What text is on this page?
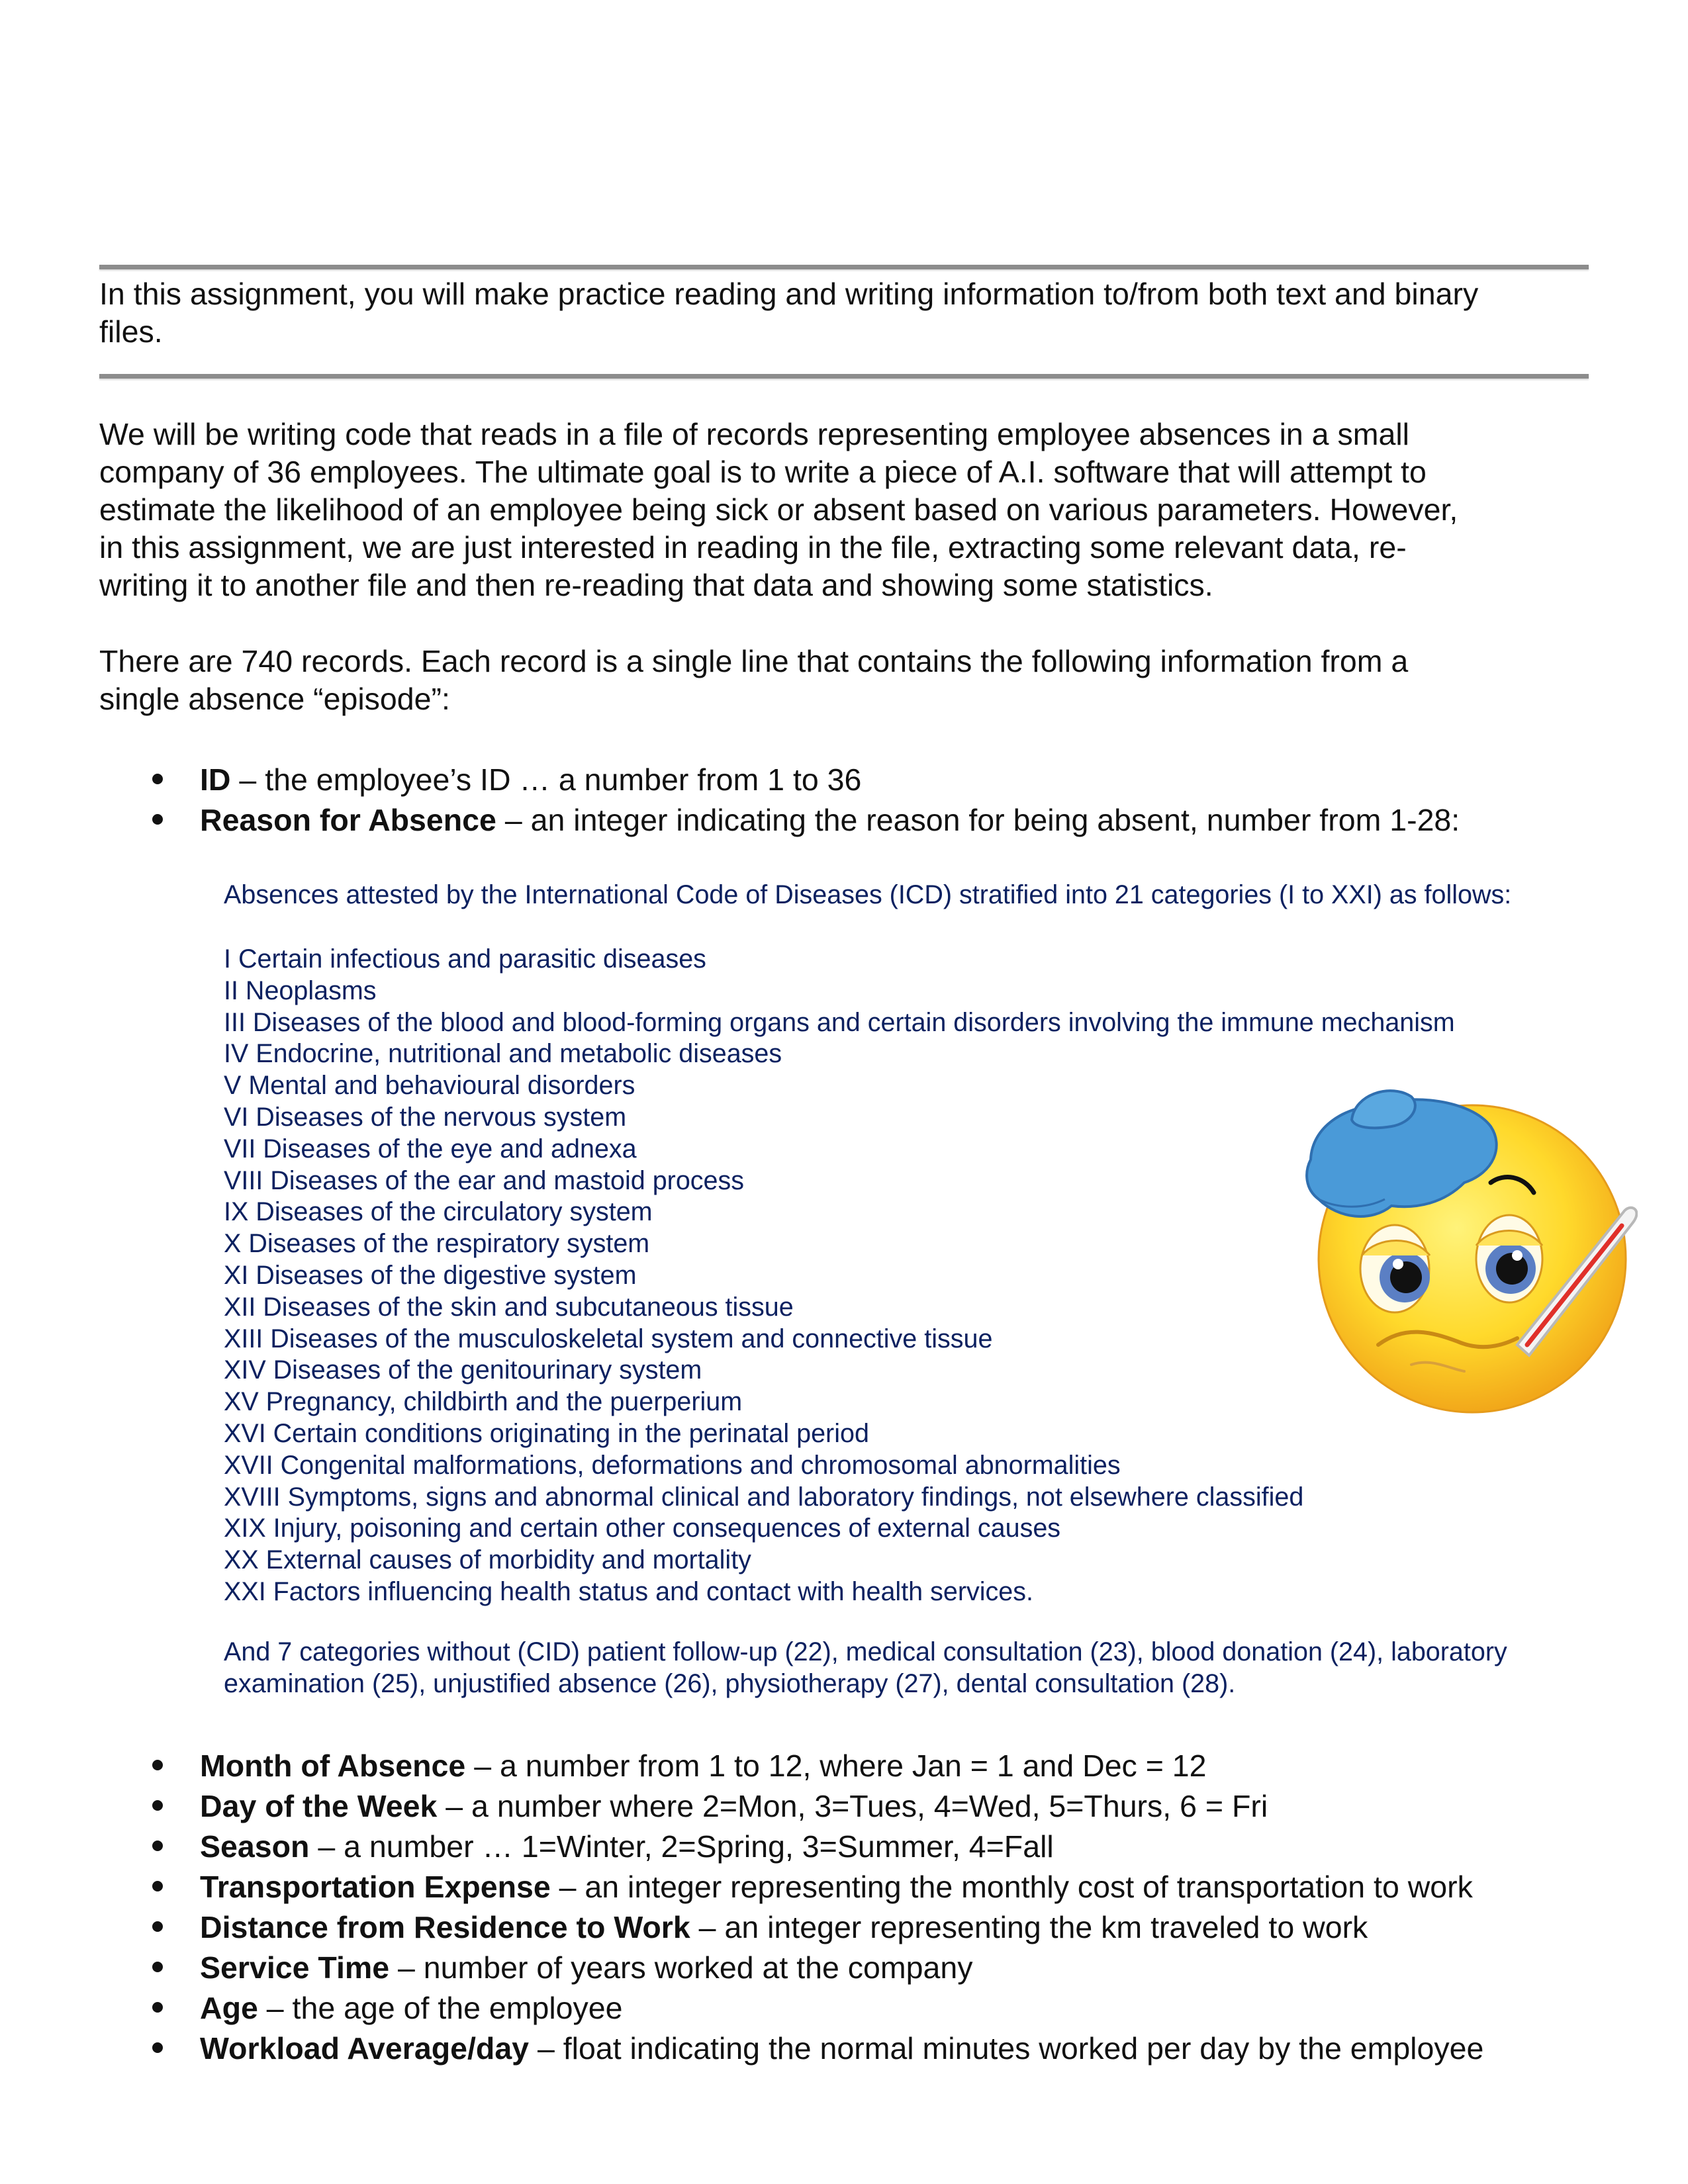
In this assignment, you will make practice reading and writing information to/from both text and binary
files.
We will be writing code that reads in a file of records representing employee absences in a small
company of 36 employees. The ultimate goal is to write a piece of A.I. software that will attempt to
estimate the likelihood of an employee being sick or absent based on various parameters. However,
in this assignment, we are just interested in reading in the file, extracting some relevant data, re-
writing it to another file and then re-reading that data and showing some statistics.
There are 740 records. Each record is a single line that contains the following information from a
single absence “episode”:
ID – the employee’s ID … a number from 1 to 36
Reason for Absence – an integer indicating the reason for being absent, number from 1-28:
Absences attested by the International Code of Diseases (ICD) stratified into 21 categories (I to XXI) as follows:
I Certain infectious and parasitic diseases
II Neoplasms
III Diseases of the blood and blood-forming organs and certain disorders involving the immune mechanism
IV Endocrine, nutritional and metabolic diseases
V Mental and behavioural disorders
VI Diseases of the nervous system
VII Diseases of the eye and adnexa
VIII Diseases of the ear and mastoid process
IX Diseases of the circulatory system
X Diseases of the respiratory system
XI Diseases of the digestive system
XII Diseases of the skin and subcutaneous tissue
XIII Diseases of the musculoskeletal system and connective tissue
XIV Diseases of the genitourinary system
XV Pregnancy, childbirth and the puerperium
XVI Certain conditions originating in the perinatal period
XVII Congenital malformations, deformations and chromosomal abnormalities
XVIII Symptoms, signs and abnormal clinical and laboratory findings, not elsewhere classified
XIX Injury, poisoning and certain other consequences of external causes
XX External causes of morbidity and mortality
XXI Factors influencing health status and contact with health services.
And 7 categories without (CID) patient follow-up (22), medical consultation (23), blood donation (24), laboratory
examination (25), unjustified absence (26), physiotherapy (27), dental consultation (28).
Month of Absence – a number from 1 to 12, where Jan = 1 and Dec = 12
Day of the Week – a number where 2=Mon, 3=Tues, 4=Wed, 5=Thurs, 6 = Fri
Season – a number … 1=Winter, 2=Spring, 3=Summer, 4=Fall
Transportation Expense – an integer representing the monthly cost of transportation to work
Distance from Residence to Work – an integer representing the km traveled to work
Service Time – number of years worked at the company
Age – the age of the employee
Workload Average/day – float indicating the normal minutes worked per day by the employee
